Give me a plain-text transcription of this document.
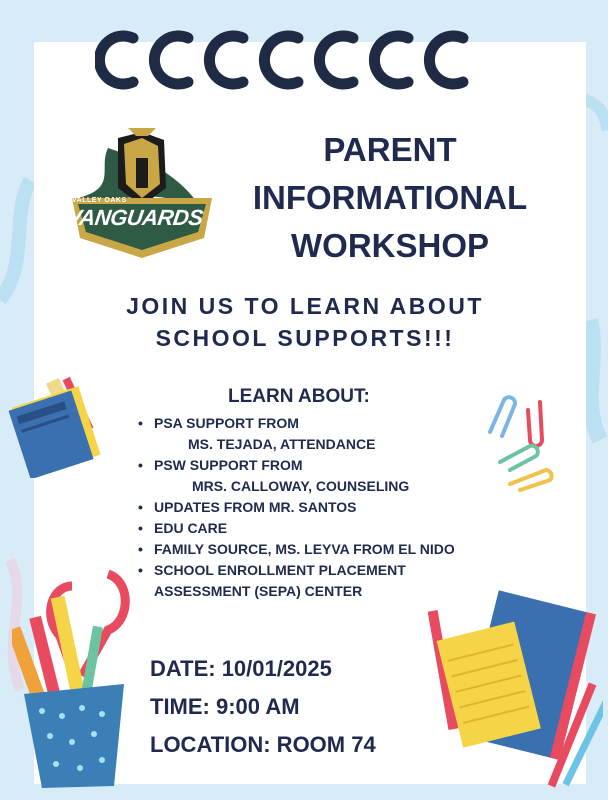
VALLEY OAKS
VANGUARDS
PARENT
INFORMATIONAL
WORKSHOP
JOIN US TO LEARN ABOUT
SCHOOL SUPPORTS!!!
LEARN ABOUT:
• PSA SUPPORT FROM
MS. TEJADA, ATTENDANCE
• PSW SUPPORT FROM
MRS. CALLOWAY, COUNSELING
• UPDATES FROM MR. SANTOS
• EDU CARE
• FAMILY SOURCE, MS. LEYVA FROM EL NIDO
• SCHOOL ENROLLMENT PLACEMENT
ASSESSMENT (SEPA) CENTER
DATE: 10/01/2025
TIME: 9:00 AM
LOCATION: ROOM 74
